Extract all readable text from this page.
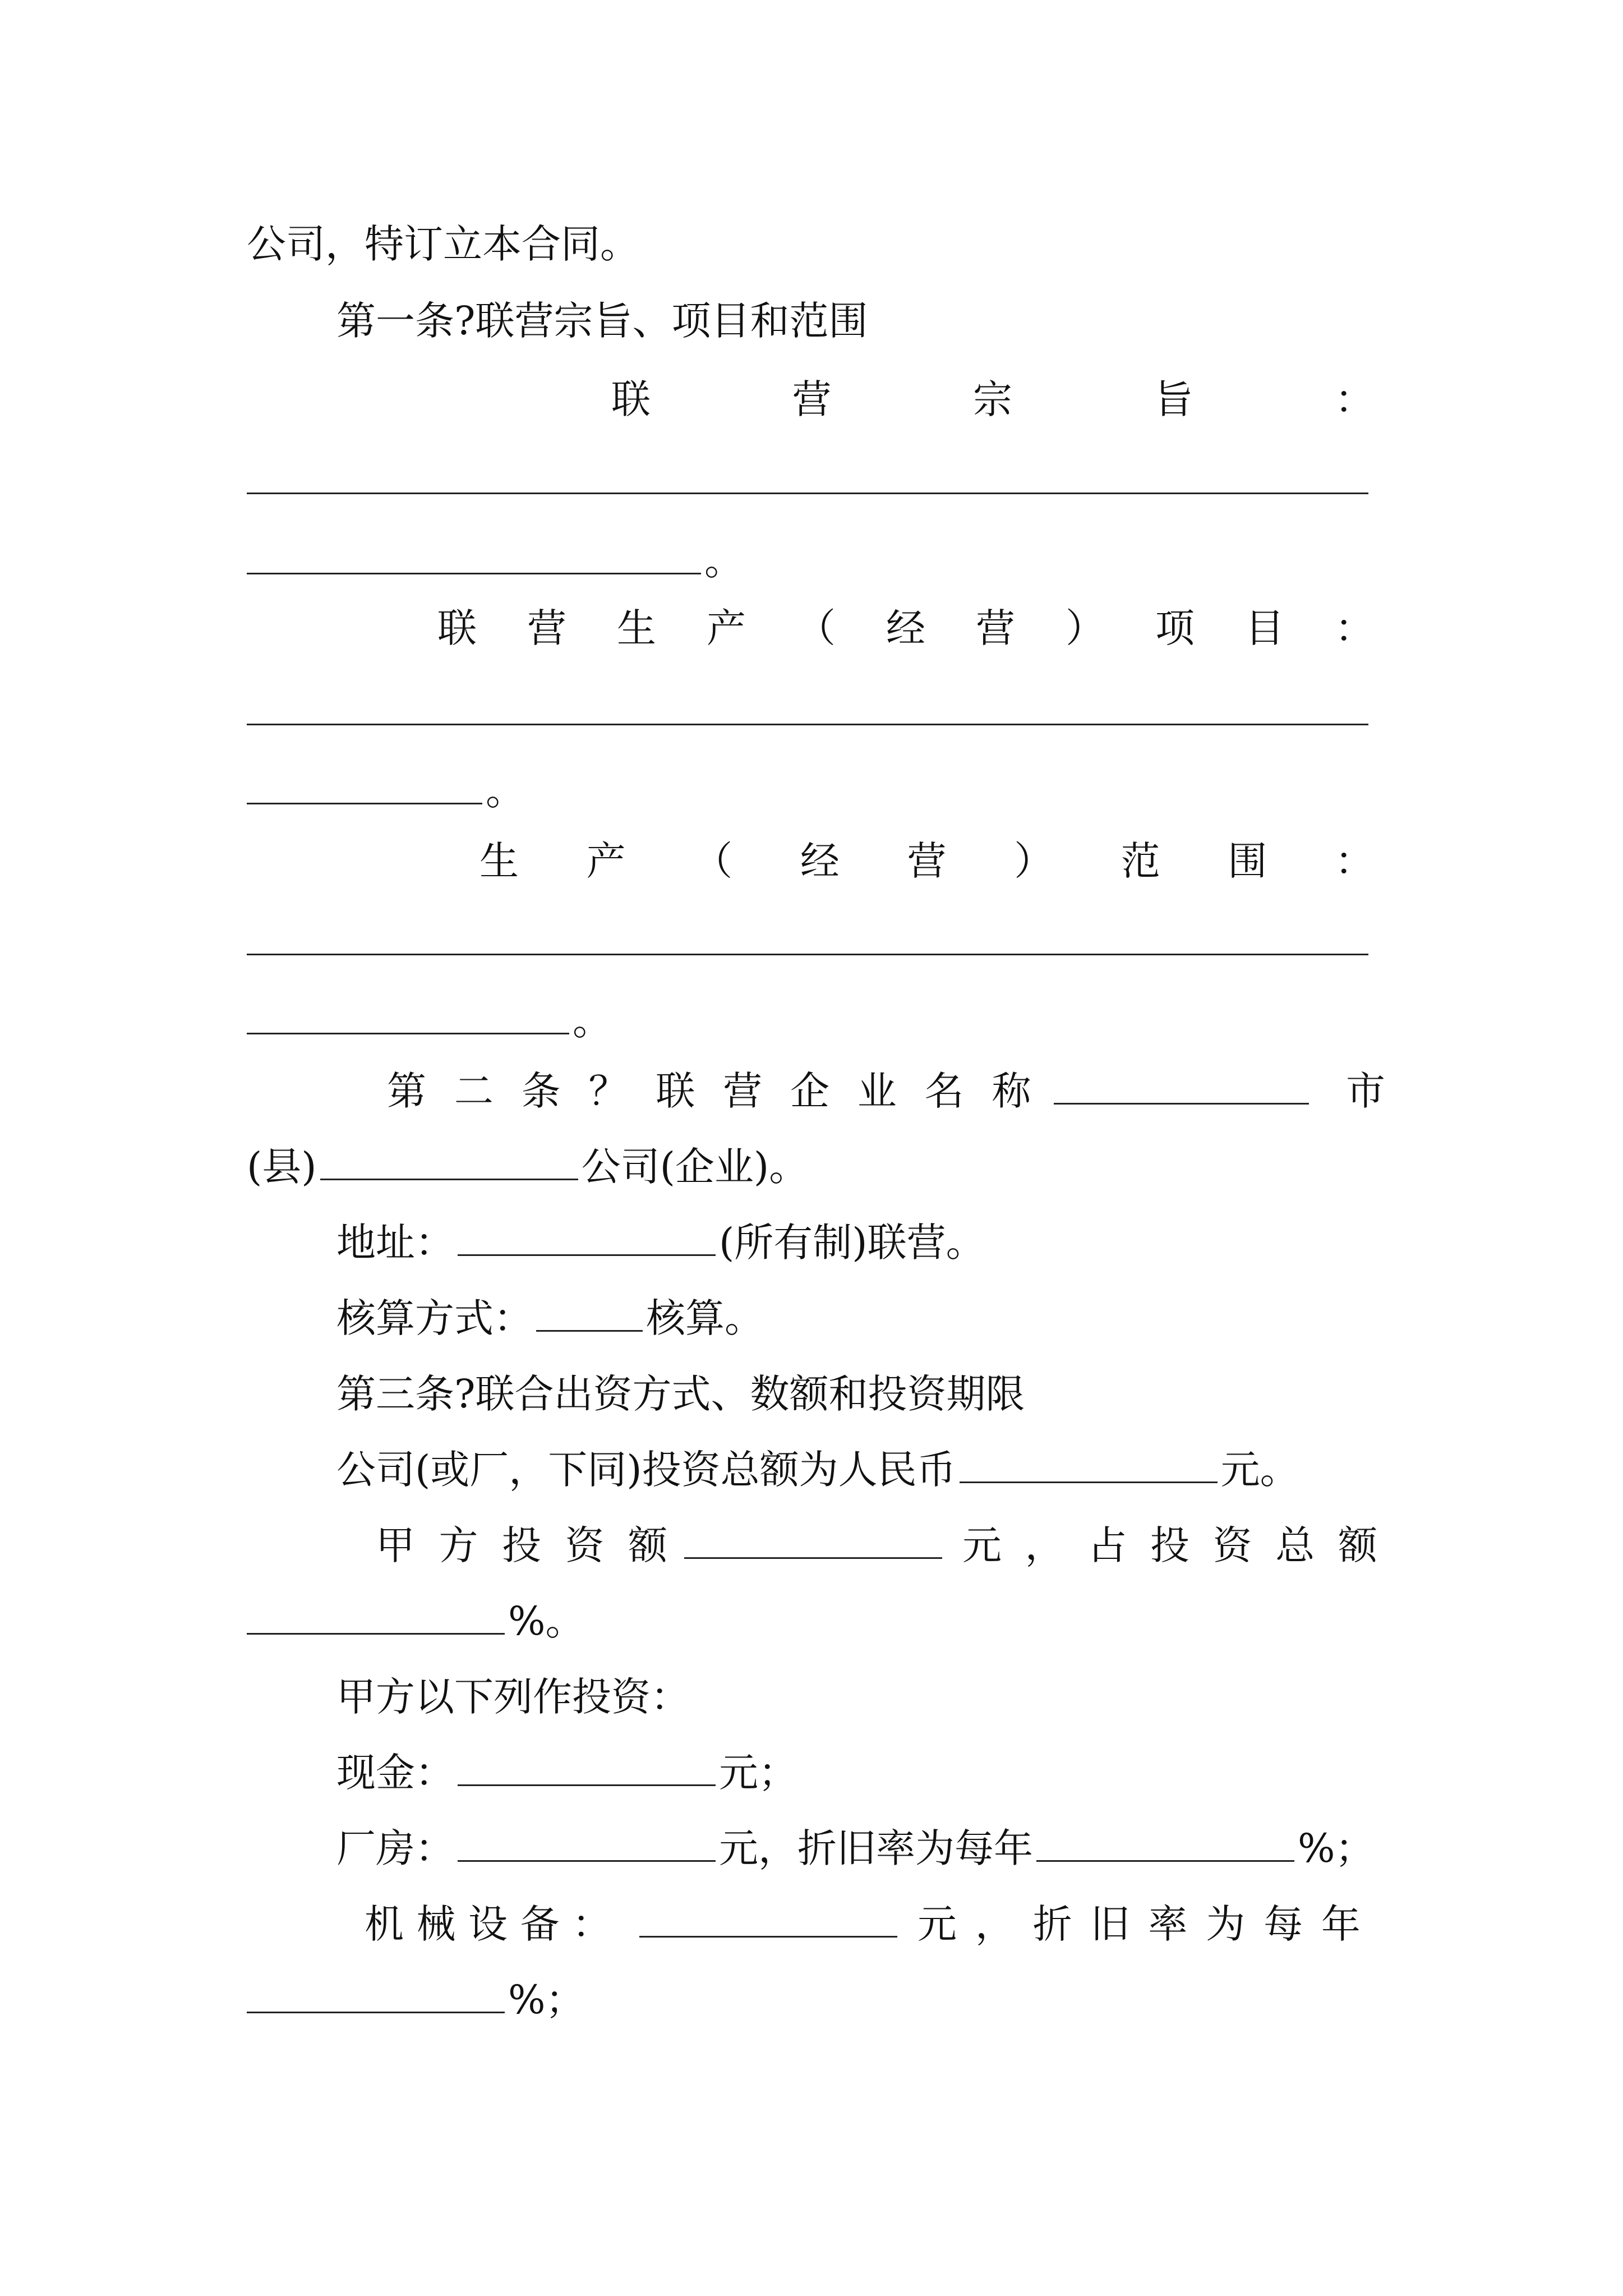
公司，特订立本合同。
第一条?联营宗旨、项目和范围
联	营	宗	旨	：
。
联 营 生 产 （ 经 营 ） 项 目 ：
。
生 产 （ 经 营 ） 范 围 ：
。
第 二 条 ？ 联 营 企 业 名 称	市
(县)	公司(企业)。
地址：	(所有制)联营。
核算方式：	核算。
第三条?联合出资方式、数额和投资期限
公司(或厂，下同)投资总额为人民币	元。
甲 方 投 资 额	元 ， 占 投 资 总 额
%。
甲方以下列作投资：
现金：	元；
厂房：	元，折旧率为每年	%；
机 械 设 备 ：	元 ， 折 旧 率 为 每 年
%；
